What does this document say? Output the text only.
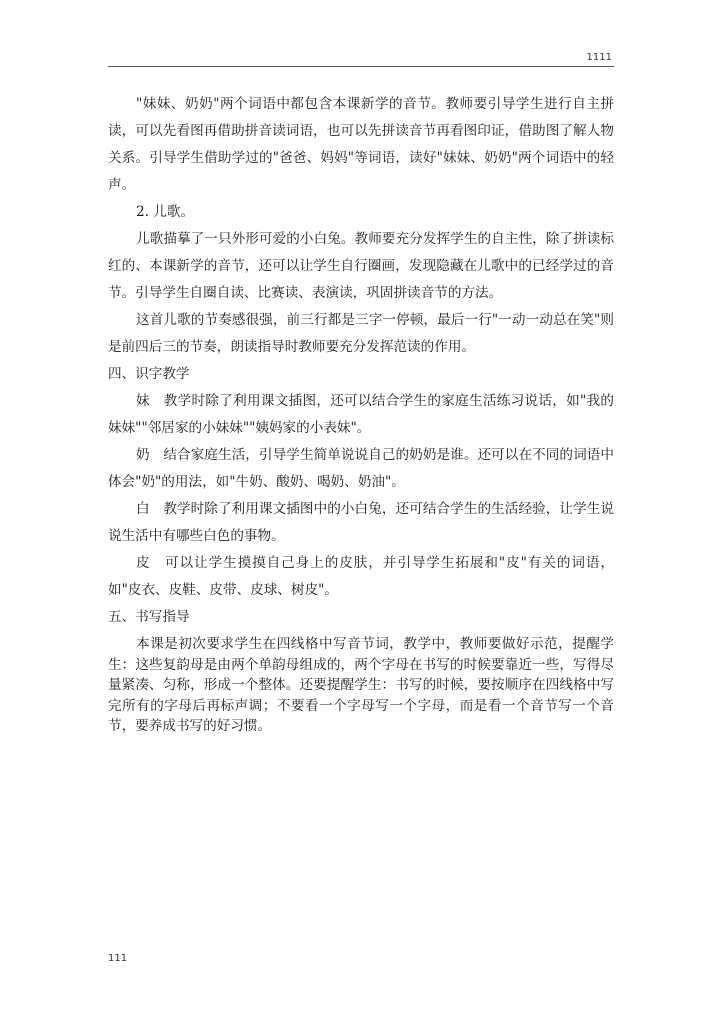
1111

"妹妹、奶奶"两个词语中都包含本课新学的音节。教师要引导学生进行自主拼读，可以先看图再借助拼音读词语，也可以先拼读音节再看图印证，借助图了解人物关系。引导学生借助学过的"爸爸、妈妈"等词语，读好"妹妹、奶奶"两个词语中的轻声。

2. 儿歌。

儿歌描摹了一只外形可爱的小白兔。教师要充分发挥学生的自主性，除了拼读标红的、本课新学的音节，还可以让学生自行圈画，发现隐藏在儿歌中的已经学过的音节。引导学生自圈自读、比赛读、表演读，巩固拼读音节的方法。

这首儿歌的节奏感很强，前三行都是三字一停顿，最后一行"一动一动总在笑"则是前四后三的节奏，朗读指导时教师要充分发挥范读的作用。

四、识字教学

妹　教学时除了利用课文插图，还可以结合学生的家庭生活练习说话，如"我的妹妹""邻居家的小妹妹""姨妈家的小表妹"。

奶　结合家庭生活，引导学生简单说说自己的奶奶是谁。还可以在不同的词语中体会"奶"的用法，如"牛奶、酸奶、喝奶、奶油"。

白　教学时除了利用课文插图中的小白兔，还可结合学生的生活经验，让学生说说生活中有哪些白色的事物。

皮　可以让学生摸摸自己身上的皮肤，并引导学生拓展和"皮"有关的词语，如"皮衣、皮鞋、皮带、皮球、树皮"。

五、书写指导

本课是初次要求学生在四线格中写音节词，教学中，教师要做好示范，提醒学生：这些复韵母是由两个单韵母组成的，两个字母在书写的时候要靠近一些，写得尽量紧凑、匀称，形成一个整体。还要提醒学生：书写的时候，要按顺序在四线格中写完所有的字母后再标声调；不要看一个字母写一个字母，而是看一个音节写一个音节，要养成书写的好习惯。

111
